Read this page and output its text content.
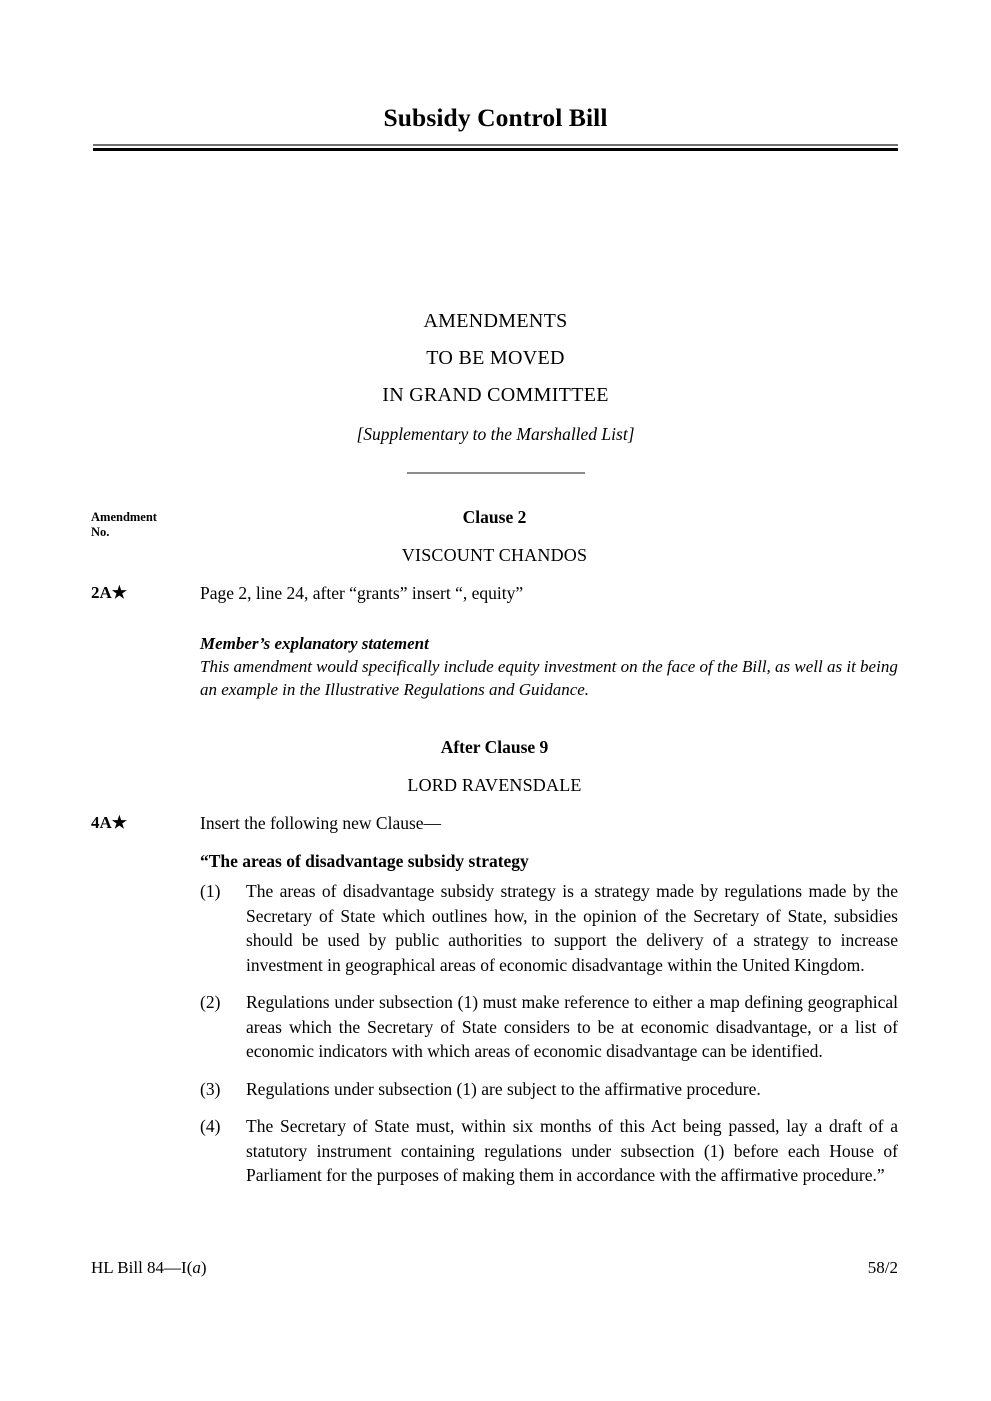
Subsidy Control Bill
AMENDMENTS
TO BE MOVED
IN GRAND COMMITTEE
[Supplementary to the Marshalled List]
Amendment
No.
Clause 2
VISCOUNT CHANDOS
2A★	Page 2, line 24, after “grants” insert “, equity”
Member’s explanatory statement
This amendment would specifically include equity investment on the face of the Bill, as well as it being an example in the Illustrative Regulations and Guidance.
After Clause 9
LORD RAVENSDALE
4A★	Insert the following new Clause—
“The areas of disadvantage subsidy strategy
(1)	The areas of disadvantage subsidy strategy is a strategy made by regulations made by the Secretary of State which outlines how, in the opinion of the Secretary of State, subsidies should be used by public authorities to support the delivery of a strategy to increase investment in geographical areas of economic disadvantage within the United Kingdom.
(2)	Regulations under subsection (1) must make reference to either a map defining geographical areas which the Secretary of State considers to be at economic disadvantage, or a list of economic indicators with which areas of economic disadvantage can be identified.
(3)	Regulations under subsection (1) are subject to the affirmative procedure.
(4)	The Secretary of State must, within six months of this Act being passed, lay a draft of a statutory instrument containing regulations under subsection (1) before each House of Parliament for the purposes of making them in accordance with the affirmative procedure.”
HL Bill 84—I(a)	58/2
